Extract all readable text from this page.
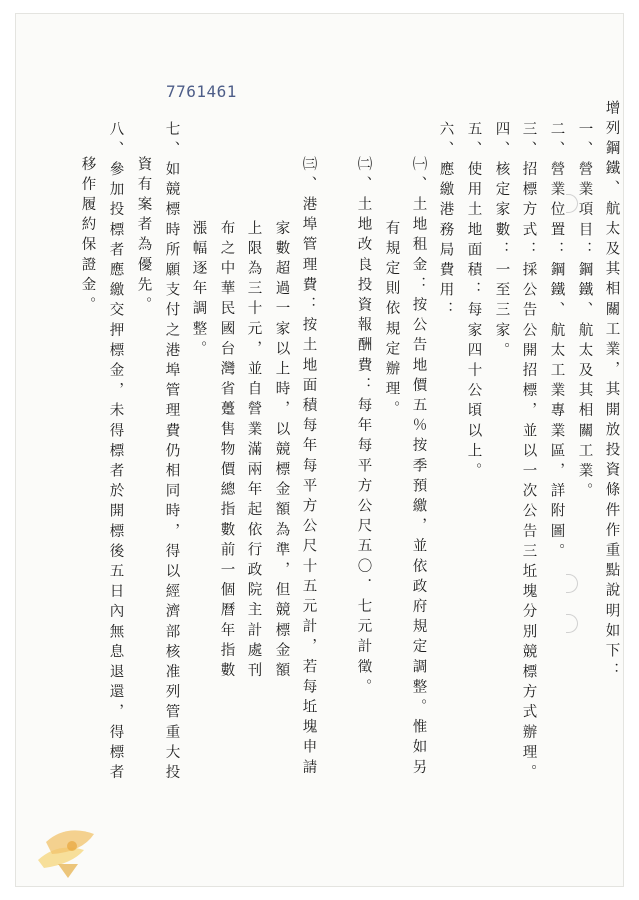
7761461
增列鋼鐵、航太及其相關工業，其開放投資條件作重點說明如下：
一、營業項目：鋼鐵、航太及其相關工業。
二、營業位置：鋼鐵、航太工業專業區，詳附圖。
三、招標方式：採公告公開招標，並以一次公告三坵塊分別競標方式辦理。
四、核定家數：一至三家。
五、使用土地面積：每家四十公頃以上。
六、應繳港務局費用：
㈠、土地租金：按公告地價五％按季預繳，並依政府規定調整。惟如另
有規定則依規定辦理。
㈡、土地改良投資報酬費：每年每平方公尺五〇．七元計徵。
㈢、港埠管理費：按土地面積每年每平方公尺十五元計，若每坵塊申請
家數超過一家以上時，以競標金額為準，但競標金額
上限為三十元，並自營業滿兩年起依行政院主計處刊
布之中華民國台灣省躉售物價總指數前一個曆年指數
漲幅逐年調整。
七、如競標時所願支付之港埠管理費仍相同時，得以經濟部核准列管重大投
資有案者為優先。
八、參加投標者應繳交押標金，未得標者於開標後五日內無息退還，得標者
移作履約保證金。
